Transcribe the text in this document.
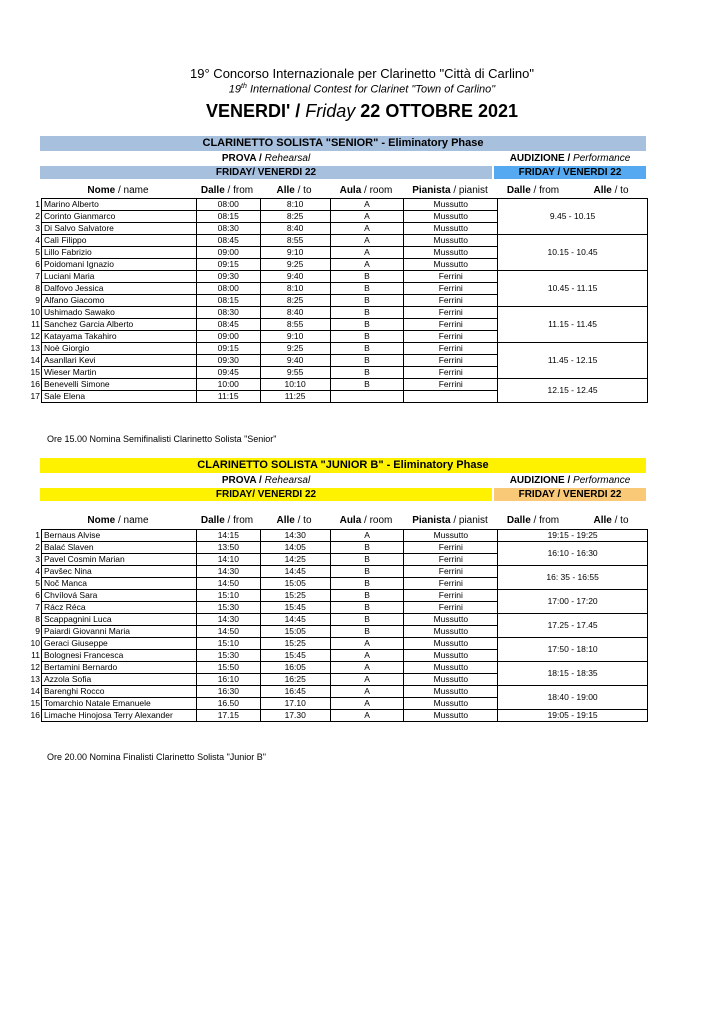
19° Concorso Internazionale per Clarinetto "Città di Carlino"
19th International Contest for Clarinet "Town of Carlino"
VENERDI' / Friday 22 OTTOBRE 2021
CLARINETTO SOLISTA "SENIOR" - Eliminatory Phase
PROVA / Rehearsal	AUDIZIONE / Performance
FRIDAY/ VENERDI 22	FRIDAY / VENERDI 22
Nome / name	Dalle / from	Alle / to	Aula / room	Pianista / pianist	Dalle / from	Alle / to
1	Marino Alberto	08:00	8:10	A	Mussutto	9.45 - 10.15
2	Corinto Gianmarco	08:15	8:25	A	Mussutto	
3	Di Salvo Salvatore	08:30	8:40	A	Mussutto	
4	Calì Filippo	08:45	8:55	A	Mussutto	10.15 - 10.45
5	Lillo Fabrizio	09:00	9:10	A	Mussutto	
6	Poidomani Ignazio	09:15	9:25	A	Mussutto	
7	Luciani Maria	09:30	9:40	B	Ferrini	10.45 - 11.15
8	Dalfovo Jessica	08:00	8:10	B	Ferrini	
9	Alfano Giacomo	08:15	8:25	B	Ferrini	
10	Ushimado Sawako	08:30	8:40	B	Ferrini	11.15 - 11.45
11	Sanchez Garcia Alberto	08:45	8:55	B	Ferrini	
12	Katayama Takahiro	09:00	9:10	B	Ferrini	
13	Noè Giorgio	09:15	9:25	B	Ferrini	11.45 - 12.15
14	Asanllari Kevi	09:30	9:40	B	Ferrini	
15	Wieser Martin	09:45	9:55	B	Ferrini	
16	Benevelli Simone	10:00	10:10	B	Ferrini	12.15 - 12.45
17	Sale Elena	11:15	11:25			
Ore 15.00 Nomina Semifinalisti Clarinetto Solista "Senior"
CLARINETTO SOLISTA "JUNIOR B" - Eliminatory Phase
PROVA / Rehearsal	AUDIZIONE / Performance
FRIDAY/ VENERDI 22	FRIDAY / VENERDI 22
Nome / name	Dalle / from	Alle / to	Aula / room	Pianista / pianist	Dalle / from	Alle / to
1	Bernaus Alvise	14:15	14:30	A	Mussutto	19:15 - 19:25
2	Balać Slaven	13:50	14:05	B	Ferrini	16:10 - 16:30
3	Pavel Cosmin Marian	14:10	14:25	B	Ferrini	
4	Pavšec Nina	14:30	14:45	B	Ferrini	16: 35 - 16:55
5	Noč Manca	14:50	15:05	B	Ferrini	
6	Chvílová Sara	15:10	15:25	B	Ferrini	17:00 - 17:20
7	Rácz Réca	15:30	15:45	B	Ferrini	
8	Scappagnini Luca	14:30	14:45	B	Mussutto	17.25 - 17.45
9	Paiardi Giovanni Maria	14:50	15:05	B	Mussutto	
10	Geraci Giuseppe	15:10	15:25	A	Mussutto	17:50 - 18:10
11	Bolognesi Francesca	15:30	15:45	A	Mussutto	
12	Bertamini Bernardo	15:50	16:05	A	Mussutto	18:15 - 18:35
13	Azzola Sofia	16:10	16:25	A	Mussutto	
14	Barenghi Rocco	16:30	16:45	A	Mussutto	18:40 - 19:00
15	Tomarchio Natale Emanuele	16.50	17.10	A	Mussutto	
16	Limache Hinojosa Terry Alexander	17.15	17.30	A	Mussutto	19:05 - 19:15
Ore 20.00 Nomina Finalisti Clarinetto Solista "Junior B"
